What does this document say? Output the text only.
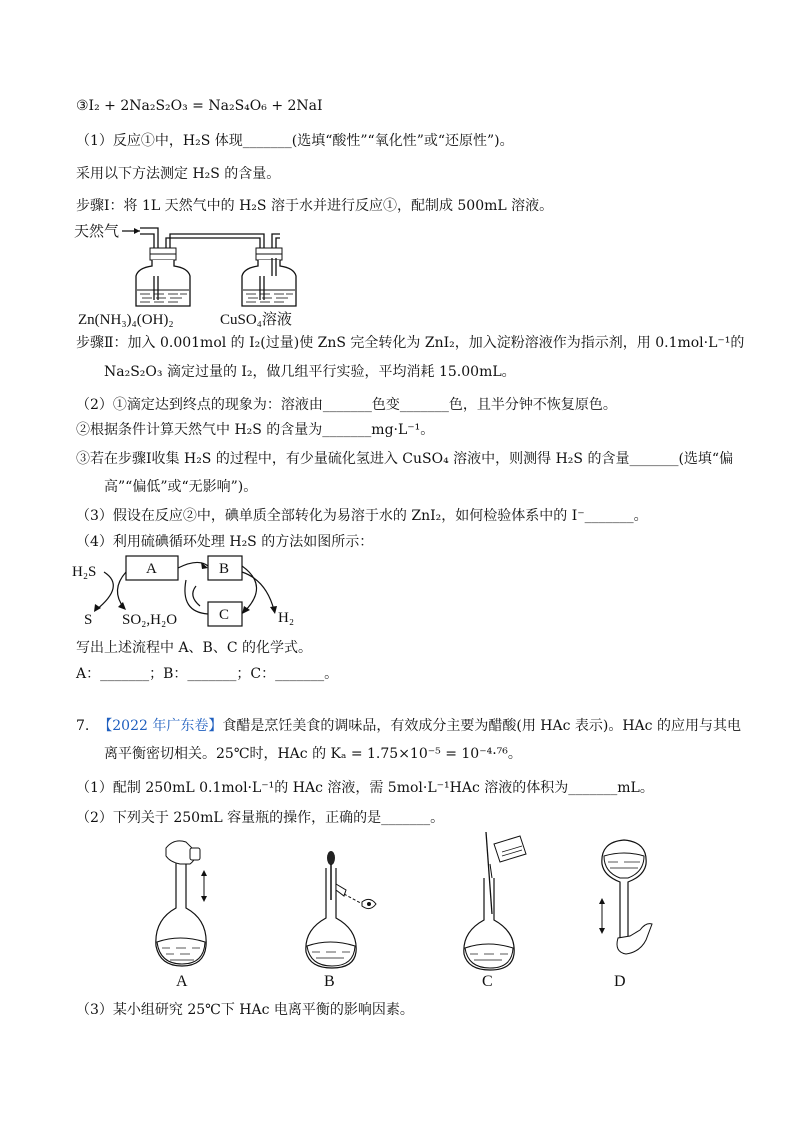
③I₂ + 2Na₂S₂O₃ = Na₂S₄O₆ + 2NaI
（1）反应①中，H₂S 体现_______(选填“酸性”“氧化性”或“还原性”)。
采用以下方法测定 H₂S 的含量。
步骤Ⅰ：将 1L 天然气中的 H₂S 溶于水并进行反应①，配制成 500mL 溶液。
天然气
Zn(NH₃)₄(OH)₂	CuSO₄溶液
步骤Ⅱ：加入 0.001mol 的 I₂(过量)使 ZnS 完全转化为 ZnI₂，加入淀粉溶液作为指示剂，用 0.1mol·L⁻¹的
Na₂S₂O₃ 滴定过量的 I₂，做几组平行实验，平均消耗 15.00mL。
（2）①滴定达到终点的现象为：溶液由_______色变_______色，且半分钟不恢复原色。
②根据条件计算天然气中 H₂S 的含量为_______mg·L⁻¹。
③若在步骤Ⅰ收集 H₂S 的过程中，有少量硫化氢进入 CuSO₄ 溶液中，则测得 H₂S 的含量_______(选填“偏
高”“偏低”或“无影响”)。
（3）假设在反应②中，碘单质全部转化为易溶于水的 ZnI₂，如何检验体系中的 I⁻_______。
（4）利用硫碘循环处理 H₂S 的方法如图所示：
H₂S
S SO₂,H₂O	H₂
A	B
C
写出上述流程中 A、B、C 的化学式。
A：_______；B：_______；C：_______。
7. 【2022 年广东卷】食醋是烹饪美食的调味品，有效成分主要为醋酸(用 HAc 表示)。HAc 的应用与其电
离平衡密切相关。25℃时，HAc 的 Kₐ = 1.75×10⁻⁵ = 10⁻⁴·⁷⁶。
（1）配制 250mL 0.1mol·L⁻¹的 HAc 溶液，需 5mol·L⁻¹HAc 溶液的体积为_______mL。
（2）下列关于 250mL 容量瓶的操作，正确的是_______。
A	B	C	D
（3）某小组研究 25℃下 HAc 电离平衡的影响因素。
